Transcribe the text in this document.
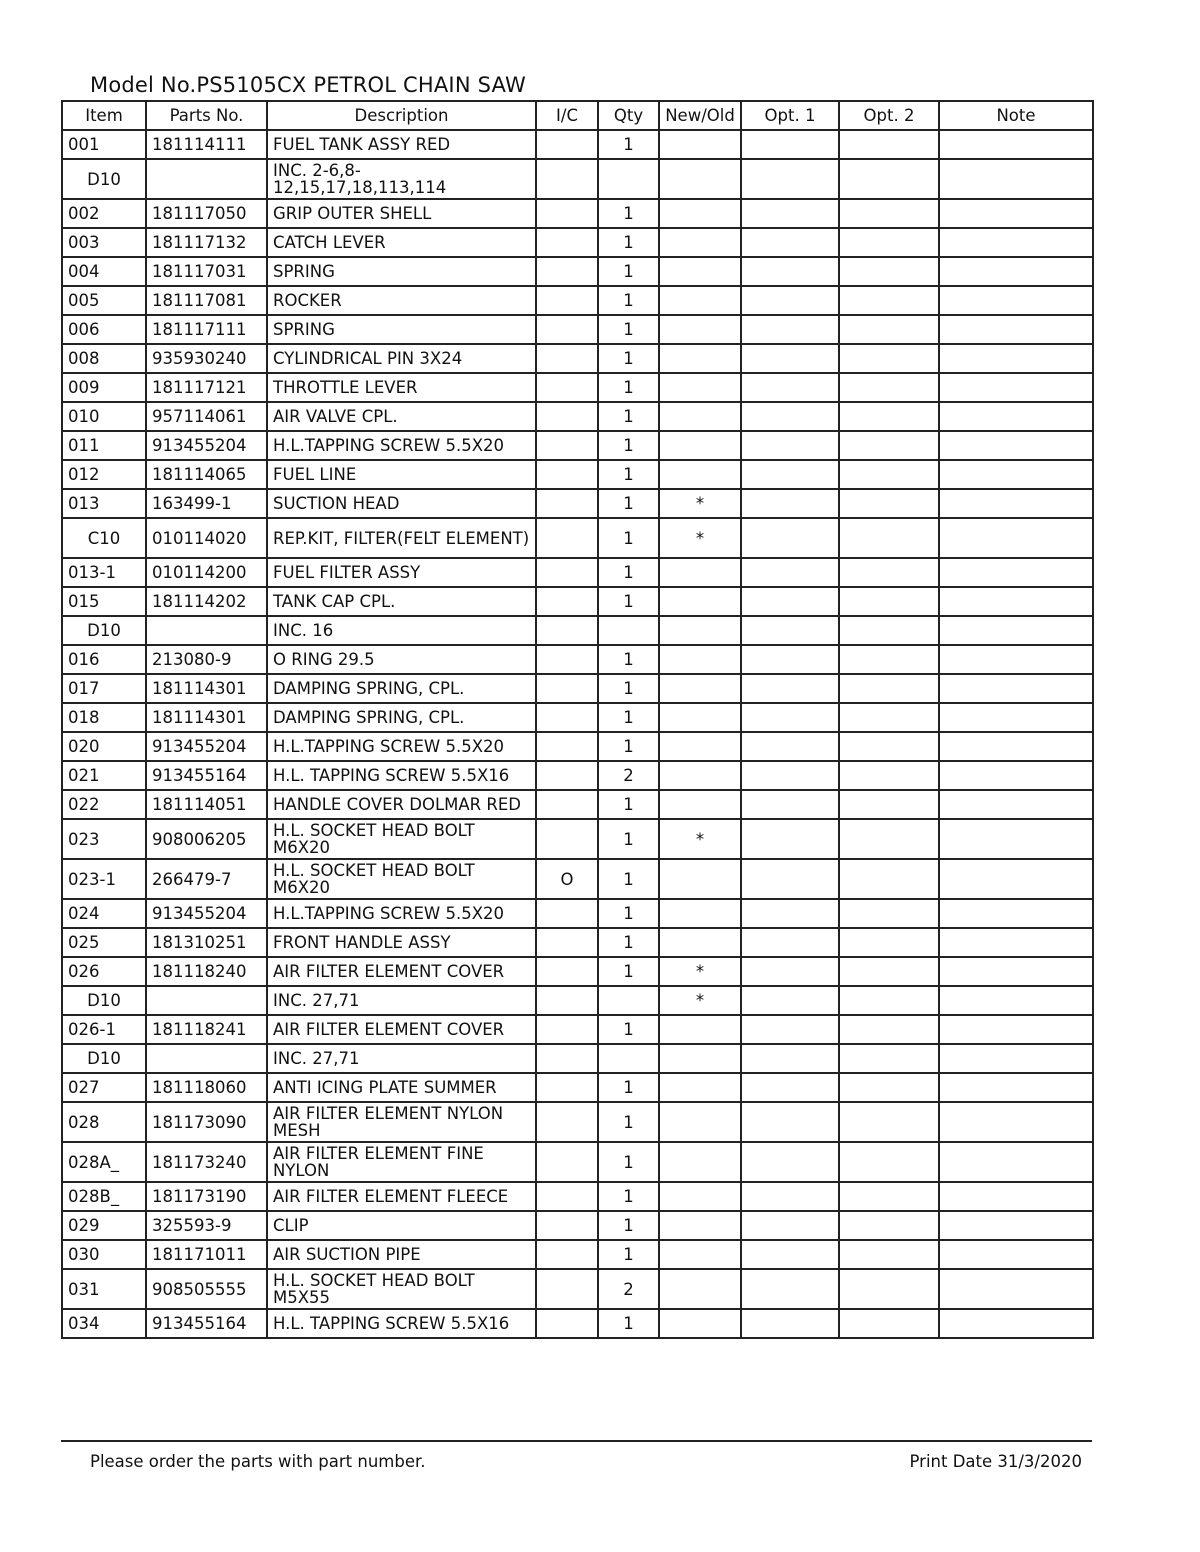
Model No.PS5105CX PETROL CHAIN SAW
Item	Parts No.	Description	I/C	Qty	New/Old	Opt. 1	Opt. 2	Note
001	181114111	FUEL TANK ASSY RED		1				
D10		INC. 2-6,8-12,15,17,18,113,114						
002	181117050	GRIP OUTER SHELL		1				
003	181117132	CATCH LEVER		1				
004	181117031	SPRING		1				
005	181117081	ROCKER		1				
006	181117111	SPRING		1				
008	935930240	CYLINDRICAL PIN 3X24		1				
009	181117121	THROTTLE LEVER		1				
010	957114061	AIR VALVE CPL.		1				
011	913455204	H.L.TAPPING SCREW 5.5X20		1				
012	181114065	FUEL LINE		1				
013	163499-1	SUCTION HEAD		1	*			
C10	010114020	REP.KIT, FILTER(FELT ELEMENT)		1	*			
013-1	010114200	FUEL FILTER ASSY		1				
015	181114202	TANK CAP CPL.		1				
D10		INC. 16						
016	213080-9	O RING 29.5		1				
017	181114301	DAMPING SPRING, CPL.		1				
018	181114301	DAMPING SPRING, CPL.		1				
020	913455204	H.L.TAPPING SCREW 5.5X20		1				
021	913455164	H.L. TAPPING SCREW 5.5X16		2				
022	181114051	HANDLE COVER DOLMAR RED		1				
023	908006205	H.L. SOCKET HEAD BOLT M6X20		1	*			
023-1	266479-7	H.L. SOCKET HEAD BOLT M6X20	O	1				
024	913455204	H.L.TAPPING SCREW 5.5X20		1				
025	181310251	FRONT HANDLE ASSY		1				
026	181118240	AIR FILTER ELEMENT COVER		1	*			
D10		INC. 27,71			*			
026-1	181118241	AIR FILTER ELEMENT COVER		1				
D10		INC. 27,71						
027	181118060	ANTI ICING PLATE SUMMER		1				
028	181173090	AIR FILTER ELEMENT NYLON MESH		1				
028A_	181173240	AIR FILTER ELEMENT FINE NYLON		1				
028B_	181173190	AIR FILTER ELEMENT FLEECE		1				
029	325593-9	CLIP		1				
030	181171011	AIR SUCTION PIPE		1				
031	908505555	H.L. SOCKET HEAD BOLT M5X55		2				
034	913455164	H.L. TAPPING SCREW 5.5X16		1				
Please order the parts with part number.	Print Date 31/3/2020
